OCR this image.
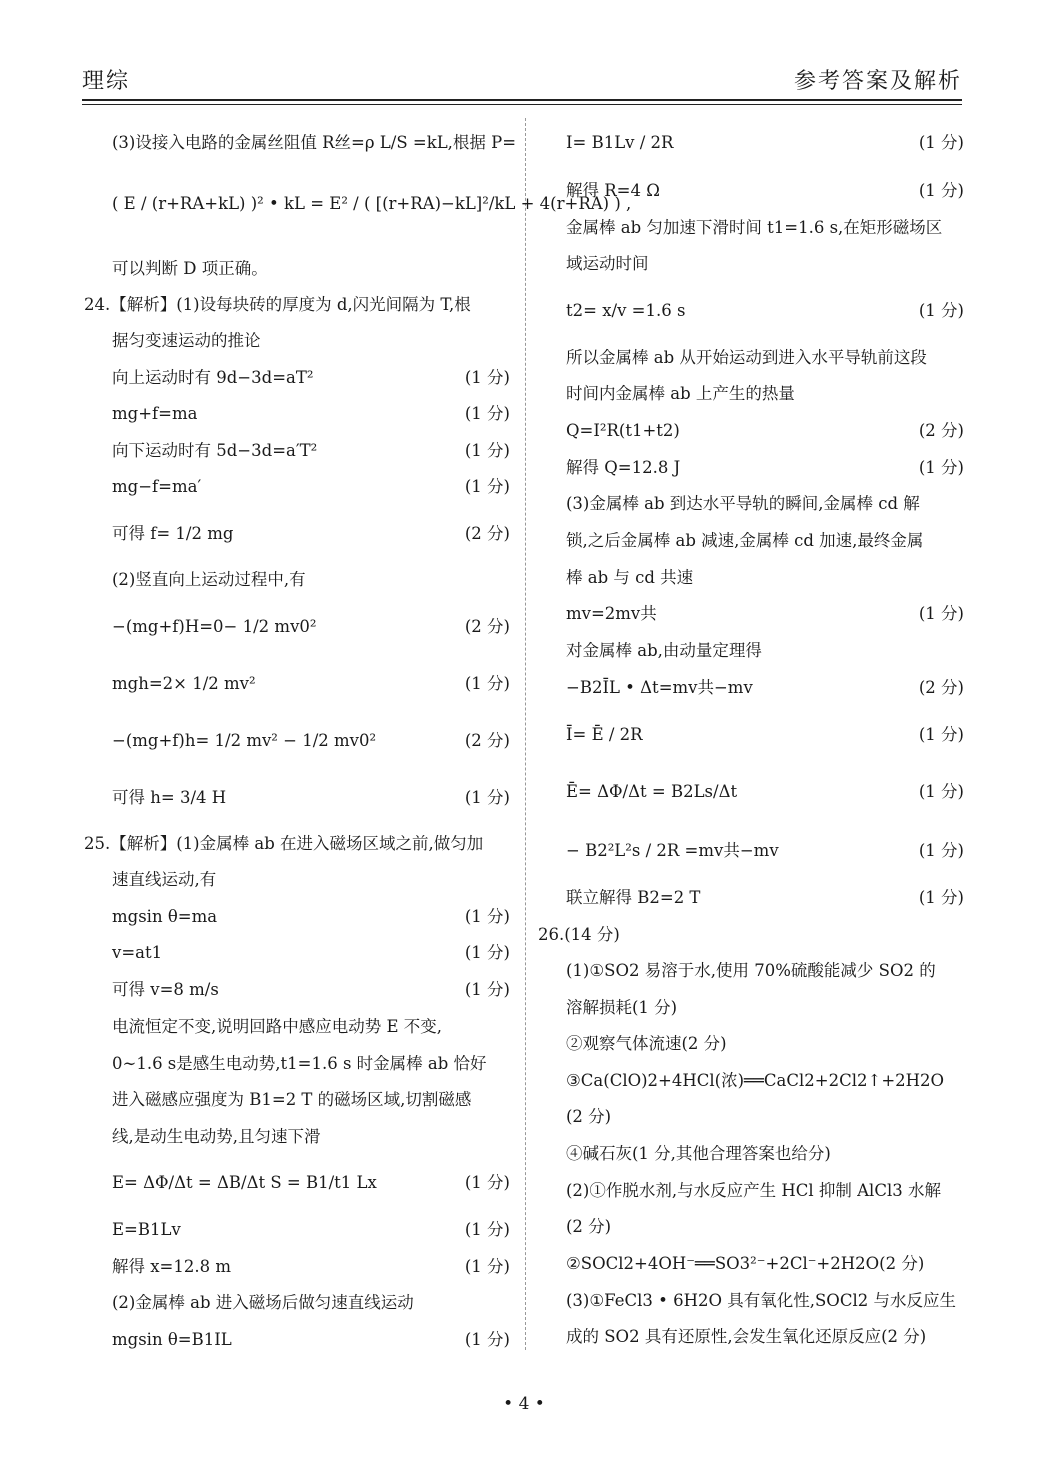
理综	参考答案及解析
(3)设接入电路的金属丝阻值 R丝=ρ L/S =kL,根据 P=
( E / (r+RA+kL) )² • kL = E² / ( [(r+RA)−kL]²/kL + 4(r+RA) ) ,
可以判断 D 项正确。
24.【解析】(1)设每块砖的厚度为 d,闪光间隔为 T,根
据匀变速运动的推论
向上运动时有 9d−3d=aT²	(1 分)
mg+f=ma	(1 分)
向下运动时有 5d−3d=a′T²	(1 分)
mg−f=ma′	(1 分)
可得 f= 1/2 mg	(2 分)
(2)竖直向上运动过程中,有
−(mg+f)H=0− 1/2 mv0²	(2 分)
mgh=2× 1/2 mv²	(1 分)
−(mg+f)h= 1/2 mv² − 1/2 mv0²	(2 分)
可得 h= 3/4 H	(1 分)
25.【解析】(1)金属棒 ab 在进入磁场区域之前,做匀加
速直线运动,有
mgsin θ=ma	(1 分)
v=at1	(1 分)
可得 v=8 m/s	(1 分)
电流恒定不变,说明回路中感应电动势 E 不变,
0∼1.6 s是感生电动势,t1=1.6 s 时金属棒 ab 恰好
进入磁感应强度为 B1=2 T 的磁场区域,切割磁感
线,是动生电动势,且匀速下滑
E= ΔΦ/Δt = ΔB/Δt S = B1/t1 Lx	(1 分)
E=B1Lv	(1 分)
解得 x=12.8 m	(1 分)
(2)金属棒 ab 进入磁场后做匀速直线运动
mgsin θ=B1IL	(1 分)
I= B1Lv / 2R	(1 分)
解得 R=4 Ω	(1 分)
金属棒 ab 匀加速下滑时间 t1=1.6 s,在矩形磁场区
域运动时间
t2= x/v =1.6 s	(1 分)
所以金属棒 ab 从开始运动到进入水平导轨前这段
时间内金属棒 ab 上产生的热量
Q=I²R(t1+t2)	(2 分)
解得 Q=12.8 J	(1 分)
(3)金属棒 ab 到达水平导轨的瞬间,金属棒 cd 解
锁,之后金属棒 ab 减速,金属棒 cd 加速,最终金属
棒 ab 与 cd 共速
mv=2mv共	(1 分)
对金属棒 ab,由动量定理得
−B2ĪL • Δt=mv共−mv	(2 分)
Ī= Ē / 2R	(1 分)
Ē= ΔΦ/Δt = B2Ls/Δt	(1 分)
− B2²L²s / 2R =mv共−mv	(1 分)
联立解得 B2=2 T	(1 分)
26.(14 分)
(1)①SO2 易溶于水,使用 70%硫酸能减少 SO2 的
溶解损耗(1 分)
②观察气体流速(2 分)
③Ca(ClO)2+4HCl(浓)══CaCl2+2Cl2↑+2H2O
(2 分)
④碱石灰(1 分,其他合理答案也给分)
(2)①作脱水剂,与水反应产生 HCl 抑制 AlCl3 水解
(2 分)
②SOCl2+4OH⁻══SO3²⁻+2Cl⁻+2H2O(2 分)
(3)①FeCl3 • 6H2O 具有氧化性,SOCl2 与水反应生
成的 SO2 具有还原性,会发生氧化还原反应(2 分)
• 4 •
